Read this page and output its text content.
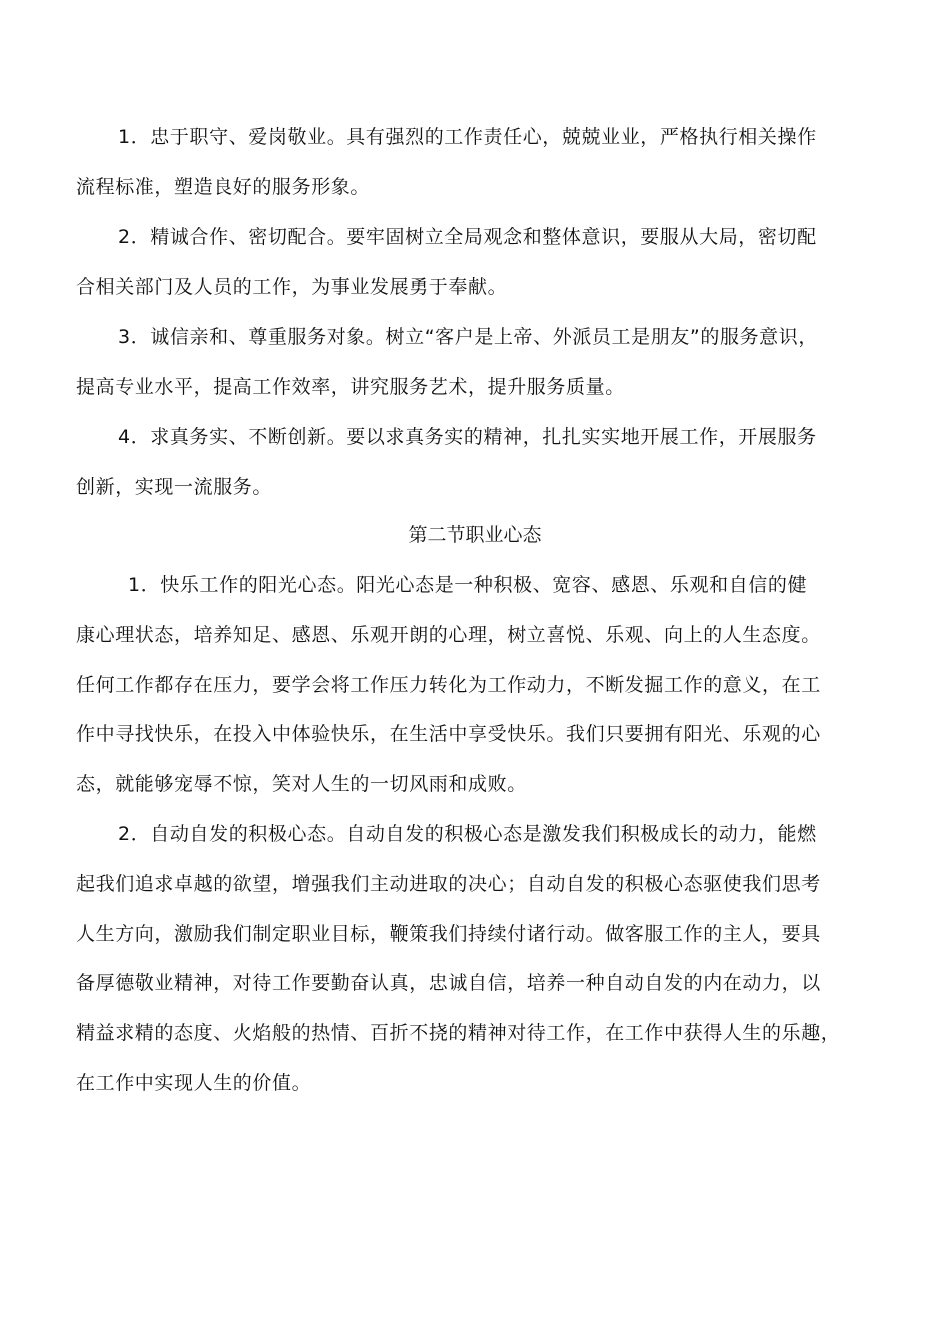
1．忠于职守、爱岗敬业。具有强烈的工作责任心，兢兢业业，严格执行相关操作
流程标准，塑造良好的服务形象。
2．精诚合作、密切配合。要牢固树立全局观念和整体意识，要服从大局，密切配
合相关部门及人员的工作，为事业发展勇于奉献。
3．诚信亲和、尊重服务对象。树立“客户是上帝、外派员工是朋友”的服务意识，
提高专业水平，提高工作效率，讲究服务艺术，提升服务质量。
4．求真务实、不断创新。要以求真务实的精神，扎扎实实地开展工作，开展服务
创新，实现一流服务。
第二节职业心态
1．快乐工作的阳光心态。阳光心态是一种积极、宽容、感恩、乐观和自信的健
康心理状态，培养知足、感恩、乐观开朗的心理，树立喜悦、乐观、向上的人生态度。
任何工作都存在压力，要学会将工作压力转化为工作动力，不断发掘工作的意义，在工
作中寻找快乐，在投入中体验快乐，在生活中享受快乐。我们只要拥有阳光、乐观的心
态，就能够宠辱不惊，笑对人生的一切风雨和成败。
2．自动自发的积极心态。自动自发的积极心态是激发我们积极成长的动力，能燃
起我们追求卓越的欲望，增强我们主动进取的决心；自动自发的积极心态驱使我们思考
人生方向，激励我们制定职业目标，鞭策我们持续付诸行动。做客服工作的主人，要具
备厚德敬业精神，对待工作要勤奋认真，忠诚自信，培养一种自动自发的内在动力，以
精益求精的态度、火焰般的热情、百折不挠的精神对待工作，在工作中获得人生的乐趣，
在工作中实现人生的价值。
